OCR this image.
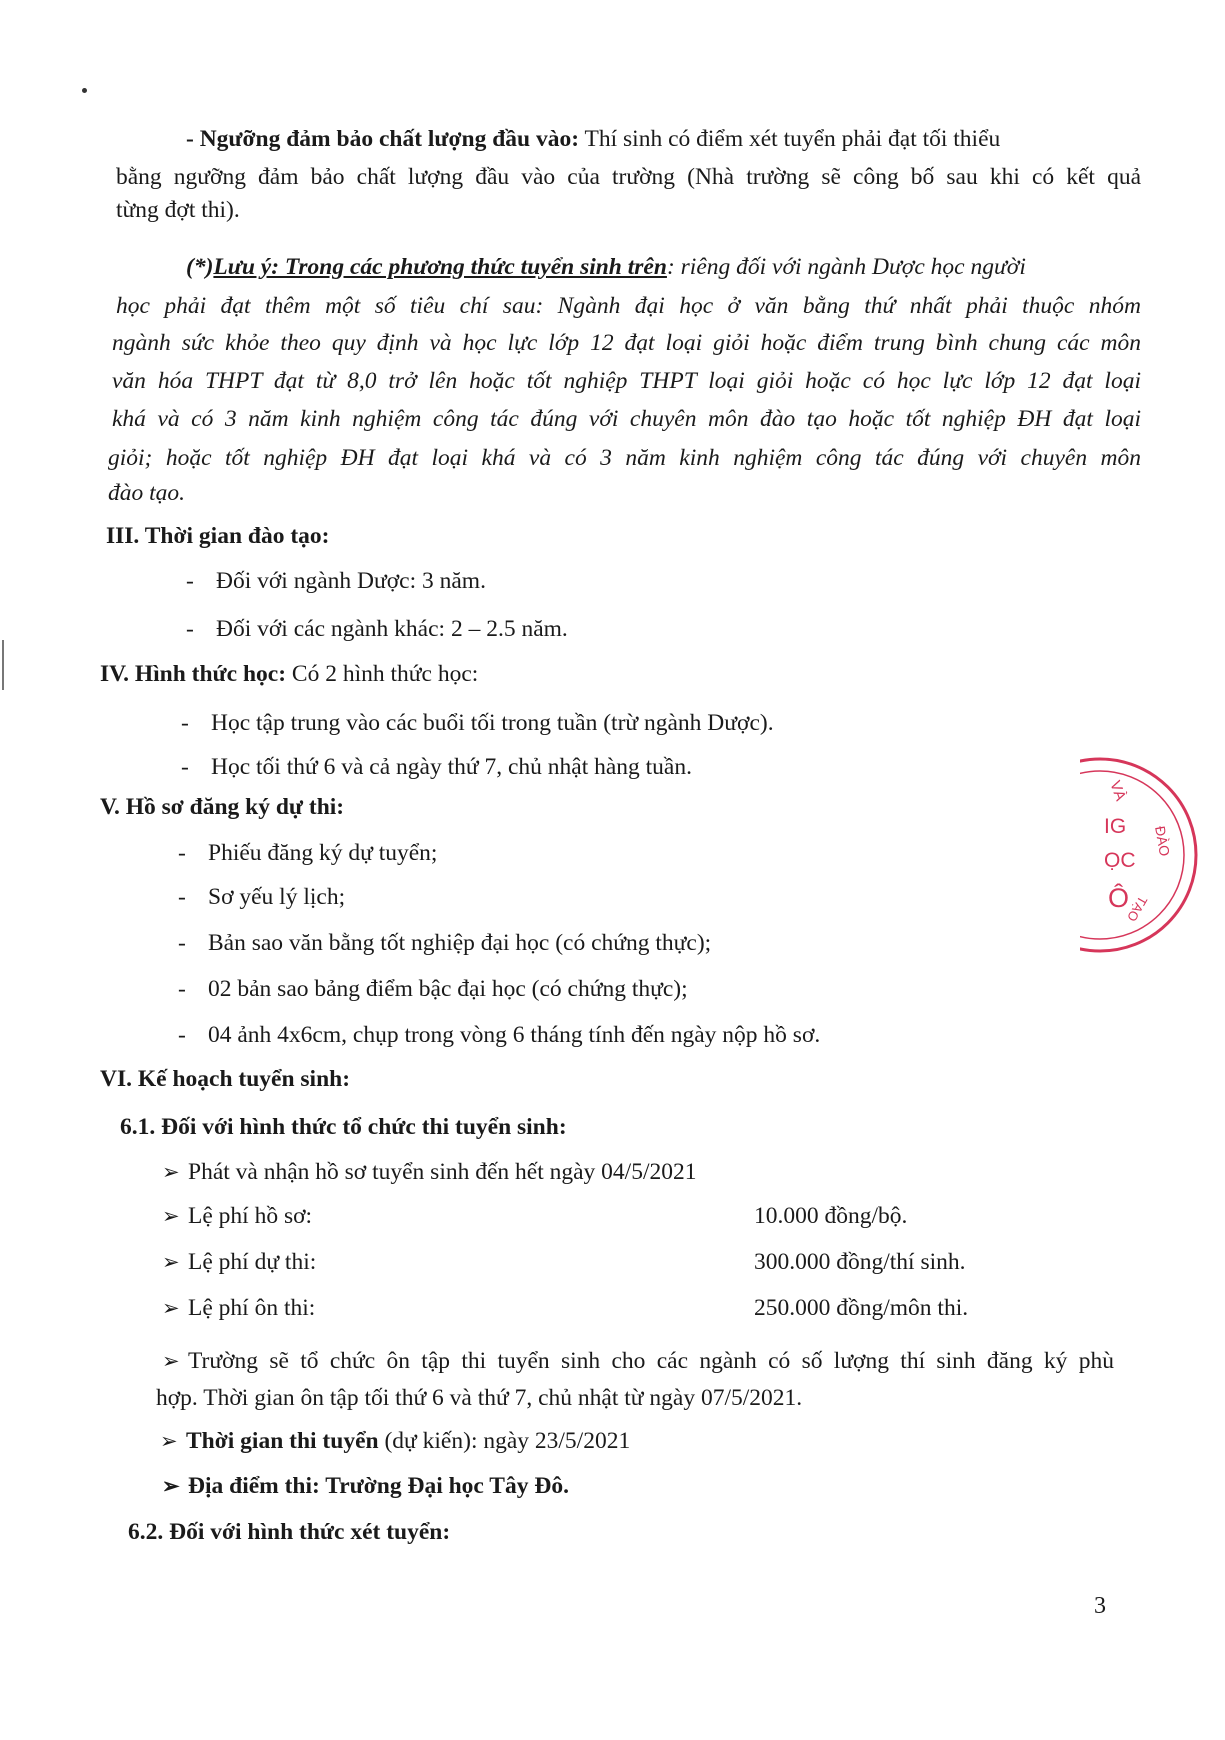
- Ngưỡng đảm bảo chất lượng đầu vào: Thí sinh có điểm xét tuyển phải đạt tối thiểu
bằng ngưỡng đảm bảo chất lượng đầu vào của trường (Nhà trường sẽ công bố sau khi có kết quả
từng đợt thi).
(*)Lưu ý: Trong các phương thức tuyển sinh trên: riêng đối với ngành Dược học người
học phải đạt thêm một số tiêu chí sau: Ngành đại học ở văn bằng thứ nhất phải thuộc nhóm
ngành sức khỏe theo quy định và học lực lớp 12 đạt loại giỏi hoặc điểm trung bình chung các môn
văn hóa THPT đạt từ 8,0 trở lên hoặc tốt nghiệp THPT loại giỏi hoặc có học lực lớp 12 đạt loại
khá và có 3 năm kinh nghiệm công tác đúng với chuyên môn đào tạo hoặc tốt nghiệp ĐH đạt loại
giỏi; hoặc tốt nghiệp ĐH đạt loại khá và có 3 năm kinh nghiệm công tác đúng với chuyên môn
đào tạo.
III. Thời gian đào tạo:
- Đối với ngành Dược: 3 năm.
- Đối với các ngành khác: 2 – 2.5 năm.
IV. Hình thức học: Có 2 hình thức học:
- Học tập trung vào các buổi tối trong tuần (trừ ngành Dược).
- Học tối thứ 6 và cả ngày thứ 7, chủ nhật hàng tuần.
V. Hồ sơ đăng ký dự thi:
- Phiếu đăng ký dự tuyển;
- Sơ yếu lý lịch;
- Bản sao văn bằng tốt nghiệp đại học (có chứng thực);
- 02 bản sao bảng điểm bậc đại học (có chứng thực);
- 04 ảnh 4x6cm, chụp trong vòng 6 tháng tính đến ngày nộp hồ sơ.
VI. Kế hoạch tuyển sinh:
6.1. Đối với hình thức tổ chức thi tuyển sinh:
➢ Phát và nhận hồ sơ tuyển sinh đến hết ngày 04/5/2021
➢ Lệ phí hồ sơ:	10.000 đồng/bộ.
➢ Lệ phí dự thi:	300.000 đồng/thí sinh.
➢ Lệ phí ôn thi:	250.000 đồng/môn thi.
➢ Trường sẽ tổ chức ôn tập thi tuyển sinh cho các ngành có số lượng thí sinh đăng ký phù
hợp. Thời gian ôn tập tối thứ 6 và thứ 7, chủ nhật từ ngày 07/5/2021.
➢ Thời gian thi tuyển (dự kiến): ngày 23/5/2021
➢ Địa điểm thi: Trường Đại học Tây Đô.
6.2. Đối với hình thức xét tuyển:
3
VÀ
ĐÀO
IG
ỌC
Ô
TẠO
